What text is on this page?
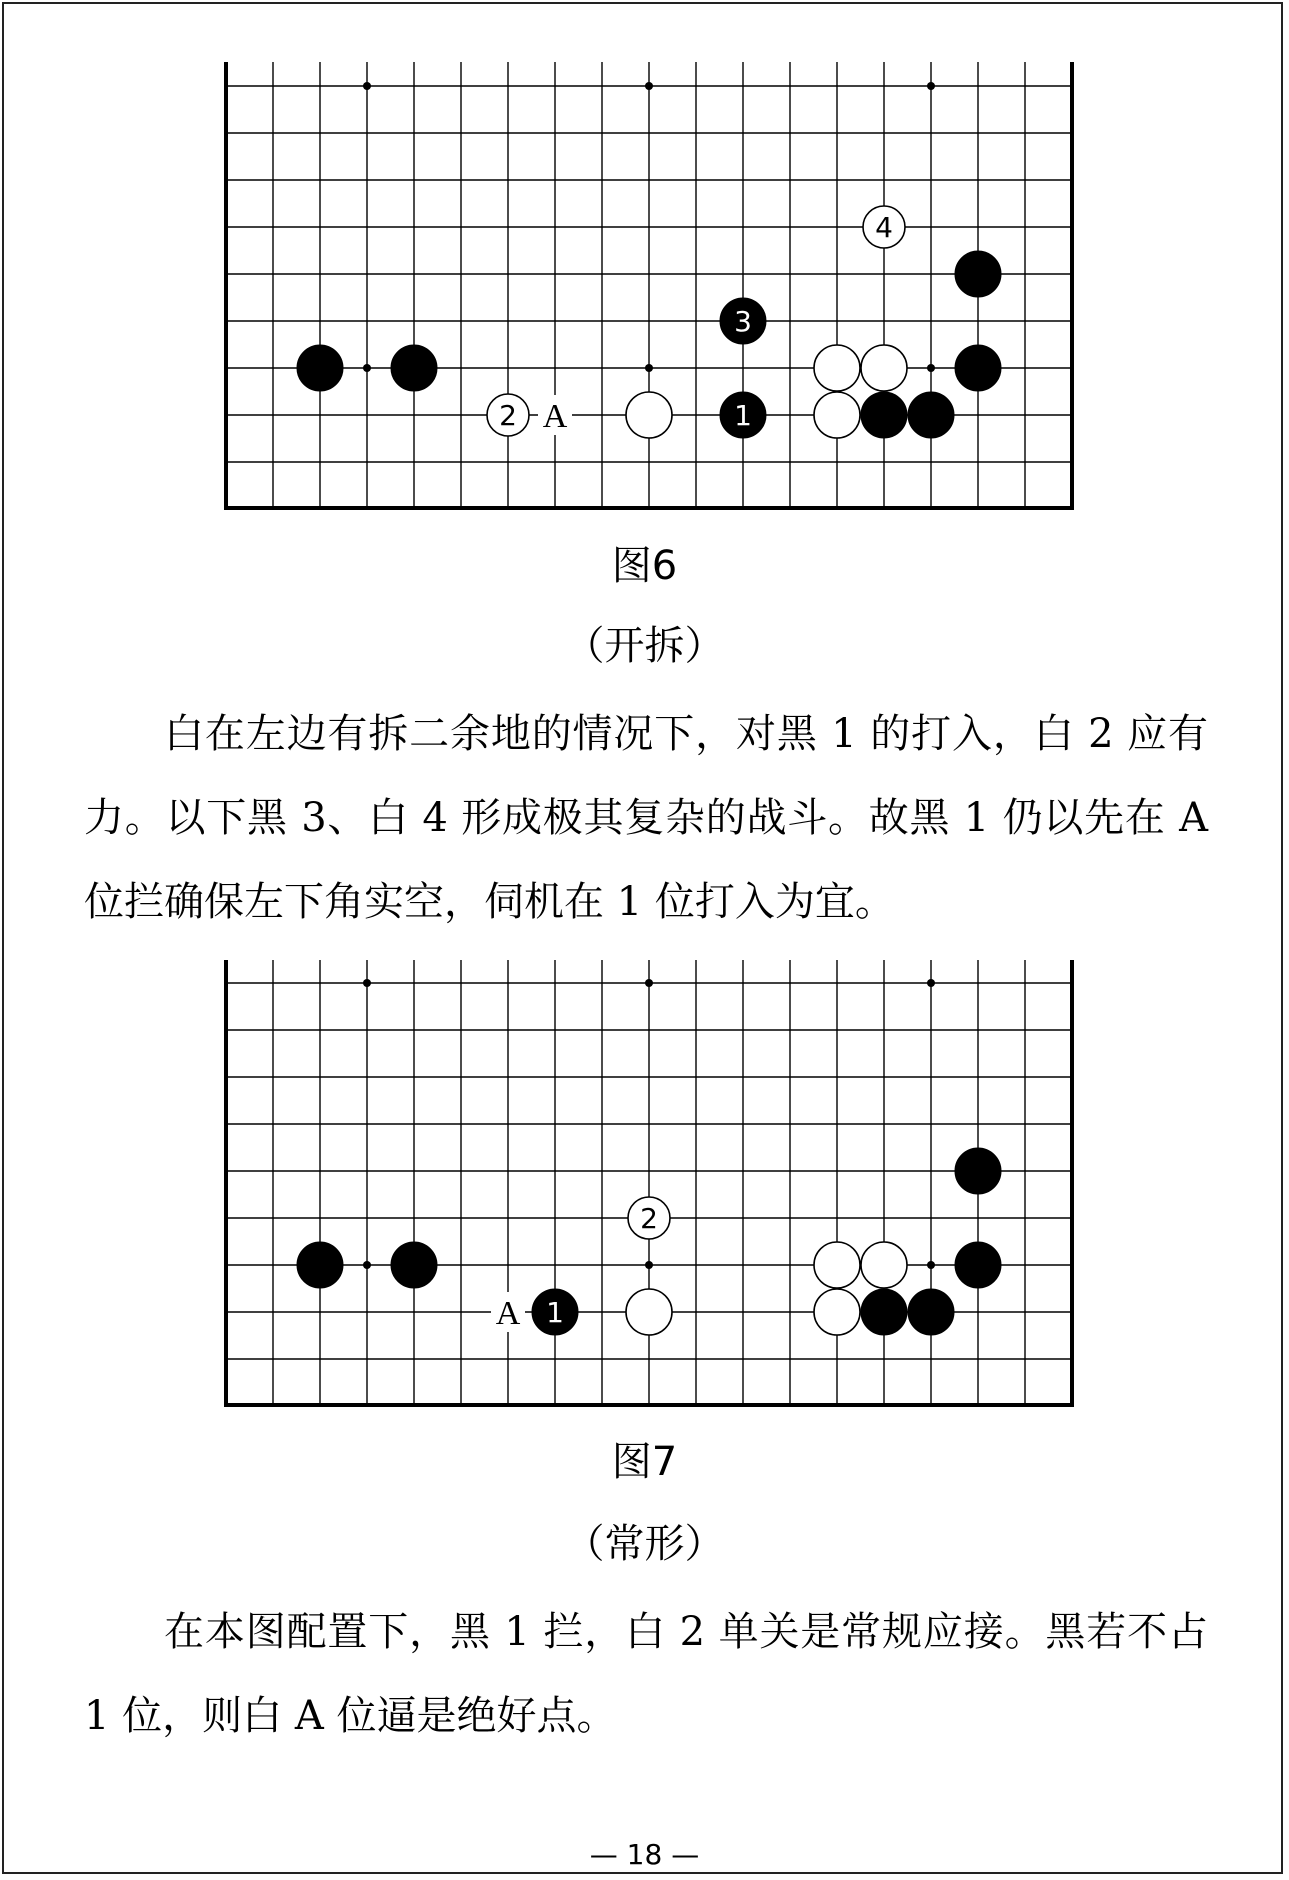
A
2	1
3
4
图6
（开拆）

白在左边有拆二余地的情况下，对黑 1 的打入，白 2 应有力。以下黑 3、白 4 形成极其复杂的战斗。故黑 1 仍以先在 A 位拦确保左下角实空，伺机在 1 位打入为宜。

A 1
2
图7
（常形）

在本图配置下，黑 1 拦，白 2 单关是常规应接。黑若不占 1 位，则白 A 位逼是绝好点。

— 18 —
